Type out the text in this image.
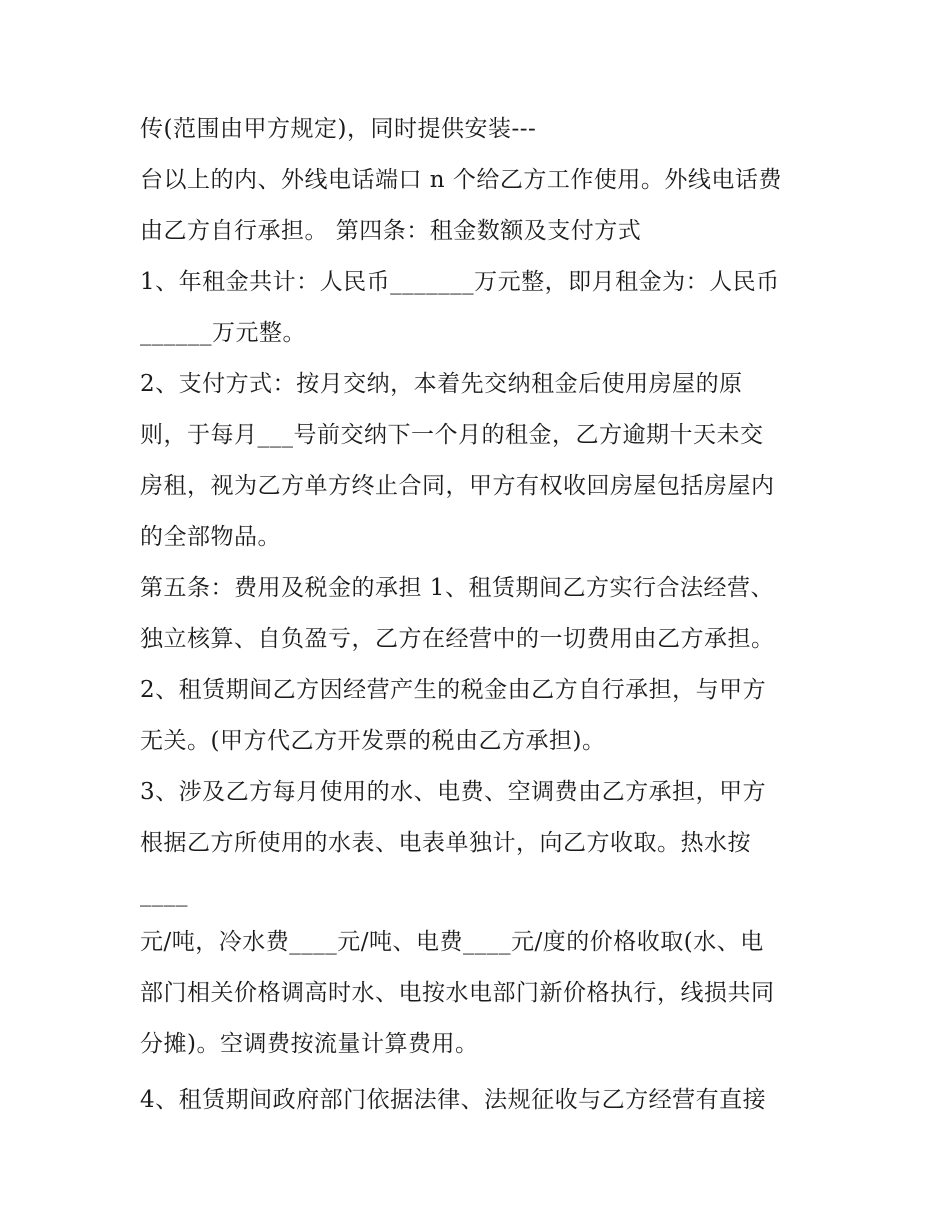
传(范围由甲方规定)，同时提供安装---
台以上的内、外线电话端口 n 个给乙方工作使用。外线电话费
由乙方自行承担。 第四条：租金数额及支付方式
1、年租金共计：人民币_______万元整，即月租金为：人民币
______万元整。
2、支付方式：按月交纳，本着先交纳租金后使用房屋的原
则，于每月___号前交纳下一个月的租金，乙方逾期十天未交
房租，视为乙方单方终止合同，甲方有权收回房屋包括房屋内
的全部物品。
第五条：费用及税金的承担 1、租赁期间乙方实行合法经营、
独立核算、自负盈亏，乙方在经营中的一切费用由乙方承担。
2、租赁期间乙方因经营产生的税金由乙方自行承担，与甲方
无关。(甲方代乙方开发票的税由乙方承担)。
3、涉及乙方每月使用的水、电费、空调费由乙方承担，甲方
根据乙方所使用的水表、电表单独计，向乙方收取。热水按
____
元/吨，冷水费____元/吨、电费____元/度的价格收取(水、电
部门相关价格调高时水、电按水电部门新价格执行，线损共同
分摊)。空调费按流量计算费用。
4、租赁期间政府部门依据法律、法规征收与乙方经营有直接
